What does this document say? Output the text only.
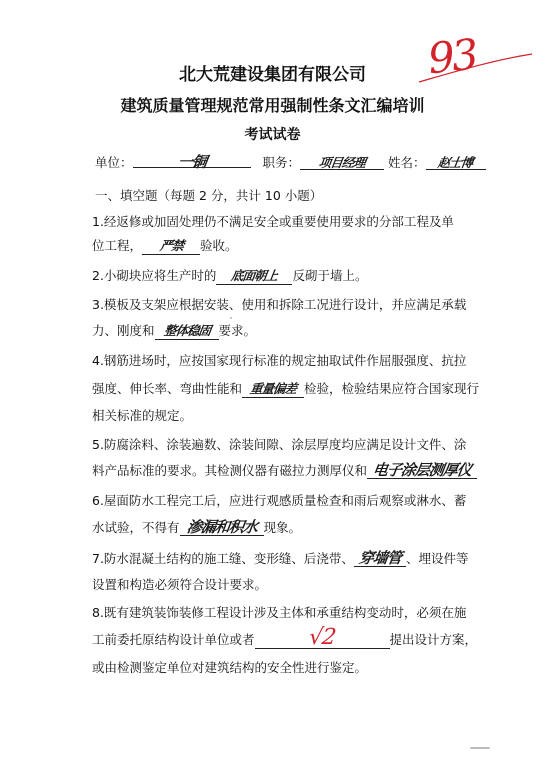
北大荒建设集团有限公司
建筑质量管理规范常用强制性条文汇编培训
考试试卷
93
单位：	一铜	职务： 项目经理 姓名： 赵士博
一、填空题（每题 2 分，共计 10 小题）
1.经返修或加固处理仍不满足安全或重要使用要求的分部工程及单
位工程， 严禁 验收。
2.小砌块应将生产时的 底面朝上 反砌于墙上。
3.模板及支架应根据安装、使用和拆除工况进行设计，并应满足承载
力、刚度和 整体稳固 要求。
4.钢筋进场时，应按国家现行标准的规定抽取试件作屈服强度、抗拉
强度、伸长率、弯曲性能和 重量偏差 检验，检验结果应符合国家现行
相关标准的规定。
5.防腐涂料、涂装遍数、涂装间隙、涂层厚度均应满足设计文件、涂
料产品标准的要求。其检测仪器有磁拉力测厚仪和 电子涂层测厚仪
6.屋面防水工程完工后，应进行观感质量检查和雨后观察或淋水、蓄
水试验，不得有 渗漏和积水 现象。
7.防水混凝土结构的施工缝、变形缝、后浇带、 穿墙管 、埋设件等
设置和构造必须符合设计要求。
8.既有建筑装饰装修工程设计涉及主体和承重结构变动时，必须在施
工前委托原结构设计单位或者 √2	提出设计方案，
或由检测鉴定单位对建筑结构的安全性进行鉴定。
